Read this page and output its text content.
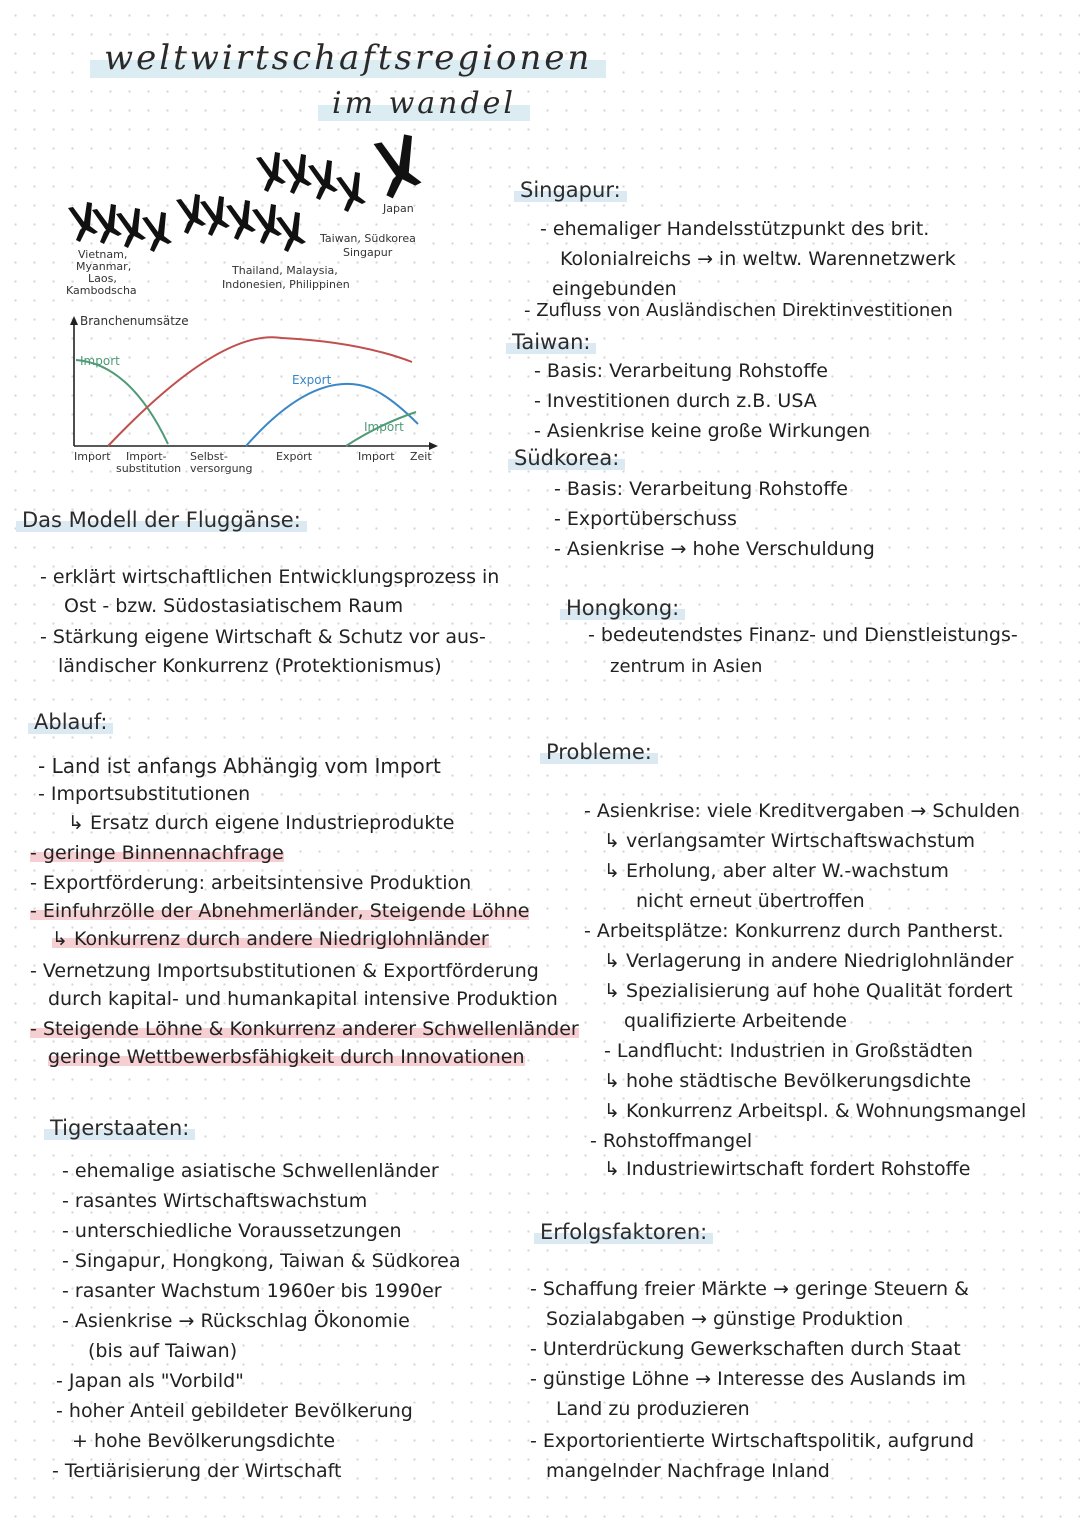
weltwirtschaftsregionen
im wandel
Japan
Taiwan, Südkorea
Singapur
Thailand, Malaysia,
Indonesien, Philippinen
Vietnam,
Myanmar,
Laos,
Kambodscha
Branchenumsätze
Import
Export
Import
Import Import-
substitution
Selbst-
versorgung
Export	Import Zeit
Das Modell der Fluggänse:
- erklärt wirtschaftlichen Entwicklungsprozess in
Ost - bzw. Südostasiatischem Raum
- Stärkung eigene Wirtschaft & Schutz vor aus-
ländischer Konkurrenz (Protektionismus)
Ablauf:
- Land ist anfangs Abhängig vom Import
- Importsubstitutionen
↳ Ersatz durch eigene Industrieprodukte
- geringe Binnennachfrage
- Exportförderung: arbeitsintensive Produktion
- Einfuhrzölle der Abnehmerländer, Steigende Löhne
↳ Konkurrenz durch andere Niedriglohnländer
- Vernetzung Importsubstitutionen & Exportförderung
durch kapital- und humankapital intensive Produktion
- Steigende Löhne & Konkurrenz anderer Schwellenländer
geringe Wettbewerbsfähigkeit durch Innovationen
Tigerstaaten:
- ehemalige asiatische Schwellenländer
- rasantes Wirtschaftswachstum
- unterschiedliche Voraussetzungen
- Singapur, Hongkong, Taiwan & Südkorea
- rasanter Wachstum 1960er bis 1990er
- Asienkrise → Rückschlag Ökonomie
(bis auf Taiwan)
- Japan als "Vorbild"
- hoher Anteil gebildeter Bevölkerung
+ hohe Bevölkerungsdichte
- Tertiärisierung der Wirtschaft
Singapur:
- ehemaliger Handelsstützpunkt des brit.
Kolonialreichs → in weltw. Warennetzwerk
eingebunden
- Zufluss von Ausländischen Direktinvestitionen
Taiwan:
- Basis: Verarbeitung Rohstoffe
- Investitionen durch z.B. USA
- Asienkrise keine große Wirkungen
Südkorea:
- Basis: Verarbeitung Rohstoffe
- Exportüberschuss
- Asienkrise → hohe Verschuldung
Hongkong:
- bedeutendstes Finanz- und Dienstleistungs-
zentrum in Asien
Probleme:
- Asienkrise: viele Kreditvergaben → Schulden
↳ verlangsamter Wirtschaftswachstum
↳ Erholung, aber alter W.-wachstum
nicht erneut übertroffen
- Arbeitsplätze: Konkurrenz durch Pantherst.
↳ Verlagerung in andere Niedriglohnländer
↳ Spezialisierung auf hohe Qualität fordert
qualifizierte Arbeitende
- Landflucht: Industrien in Großstädten
↳ hohe städtische Bevölkerungsdichte
↳ Konkurrenz Arbeitspl. & Wohnungsmangel
- Rohstoffmangel
↳ Industriewirtschaft fordert Rohstoffe
Erfolgsfaktoren:
- Schaffung freier Märkte → geringe Steuern &
Sozialabgaben → günstige Produktion
- Unterdrückung Gewerkschaften durch Staat
- günstige Löhne → Interesse des Auslands im
Land zu produzieren
- Exportorientierte Wirtschaftspolitik, aufgrund
mangelnder Nachfrage Inland
